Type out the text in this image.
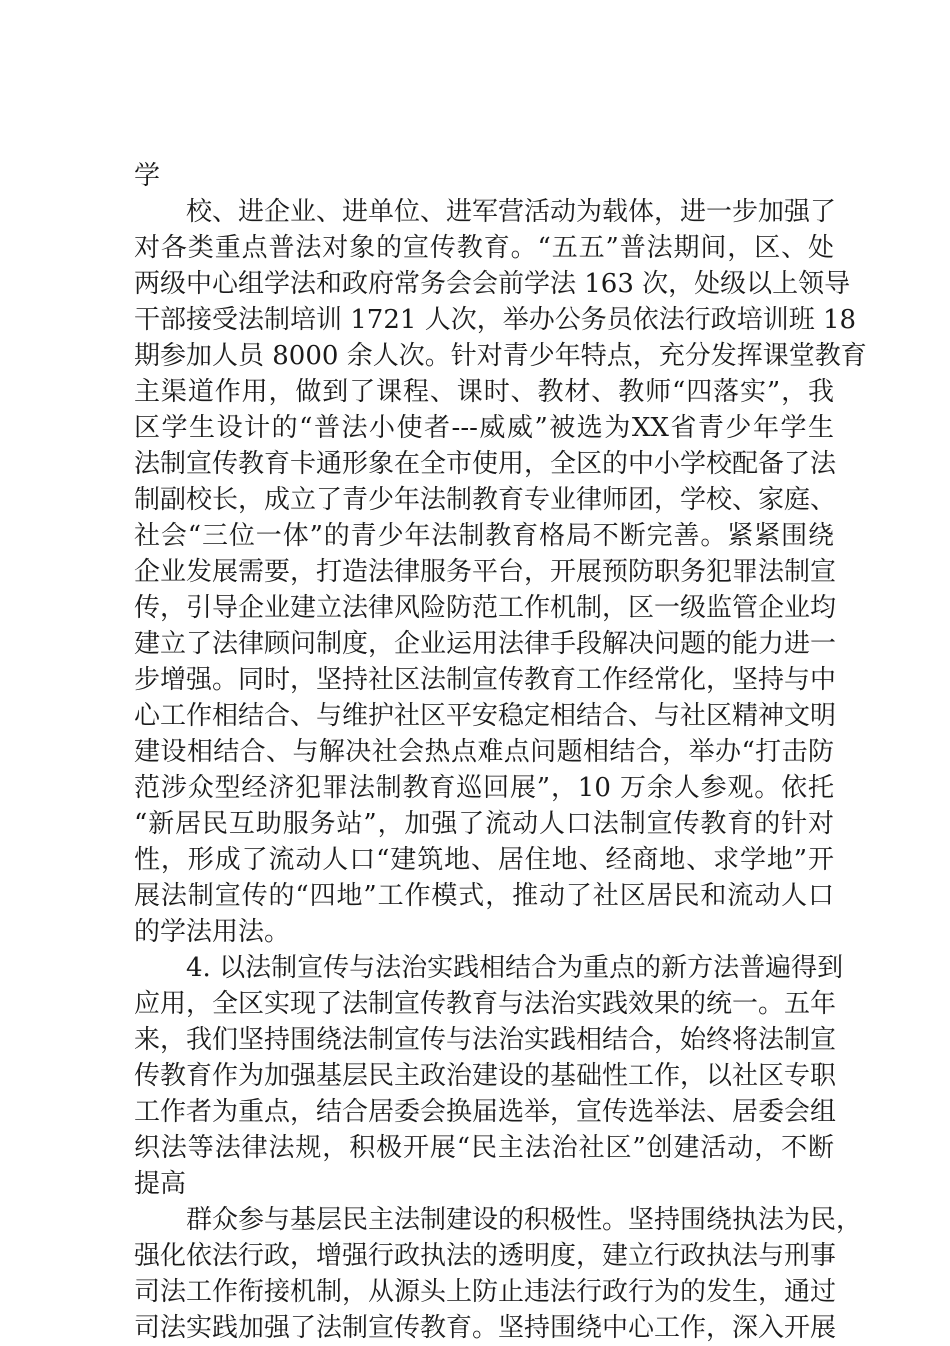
学
校、进企业、进单位、进军营活动为载体，进一步加强了
对各类重点普法对象的宣传教育。“五五”普法期间，区、处
两级中心组学法和政府常务会会前学法 163 次，处级以上领导
干部接受法制培训 1721 人次，举办公务员依法行政培训班 18
期参加人员 8000 余人次。针对青少年特点，充分发挥课堂教育
主渠道作用，做到了课程、课时、教材、教师“四落实”，我
区学生设计的“普法小使者---威威”被选为XX省青少年学生
法制宣传教育卡通形象在全市使用，全区的中小学校配备了法
制副校长，成立了青少年法制教育专业律师团，学校、家庭、
社会“三位一体”的青少年法制教育格局不断完善。紧紧围绕
企业发展需要，打造法律服务平台，开展预防职务犯罪法制宣
传，引导企业建立法律风险防范工作机制，区一级监管企业均
建立了法律顾问制度，企业运用法律手段解决问题的能力进一
步增强。同时，坚持社区法制宣传教育工作经常化，坚持与中
心工作相结合、与维护社区平安稳定相结合、与社区精神文明
建设相结合、与解决社会热点难点问题相结合，举办“打击防
范涉众型经济犯罪法制教育巡回展”，10 万余人参观。依托
“新居民互助服务站”，加强了流动人口法制宣传教育的针对
性，形成了流动人口“建筑地、居住地、经商地、求学地”开
展法制宣传的“四地”工作模式，推动了社区居民和流动人口
的学法用法。
4. 以法制宣传与法治实践相结合为重点的新方法普遍得到
应用，全区实现了法制宣传教育与法治实践效果的统一。五年
来，我们坚持围绕法制宣传与法治实践相结合，始终将法制宣
传教育作为加强基层民主政治建设的基础性工作，以社区专职
工作者为重点，结合居委会换届选举，宣传选举法、居委会组
织法等法律法规，积极开展“民主法治社区”创建活动，不断
提高
群众参与基层民主法制建设的积极性。坚持围绕执法为民，
强化依法行政，增强行政执法的透明度，建立行政执法与刑事
司法工作衔接机制，从源头上防止违法行政行为的发生，通过
司法实践加强了法制宣传教育。坚持围绕中心工作，深入开展
